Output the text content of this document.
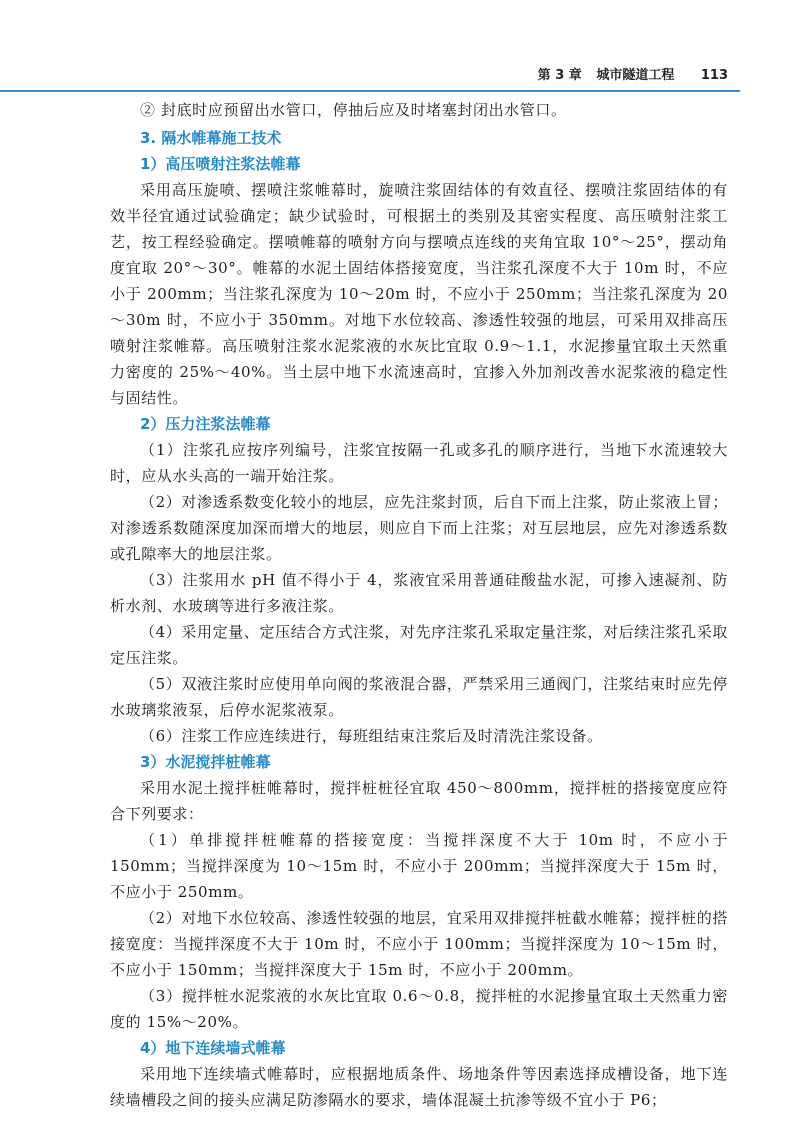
第 3 章 城市隧道工程 113

② 封底时应预留出水管口，停抽后应及时堵塞封闭出水管口。

3. 隔水帷幕施工技术
1）高压喷射注浆法帷幕

采用高压旋喷、摆喷注浆帷幕时，旋喷注浆固结体的有效直径、摆喷注浆固结体的有效半径宜通过试验确定；缺少试验时，可根据土的类别及其密实程度、高压喷射注浆工艺，按工程经验确定。摆喷帷幕的喷射方向与摆喷点连线的夹角宜取 10°～25°，摆动角度宜取 20°～30°。帷幕的水泥土固结体搭接宽度，当注浆孔深度不大于 10m 时，不应小于 200mm；当注浆孔深度为 10～20m 时，不应小于 250mm；当注浆孔深度为 20～30m 时，不应小于 350mm。对地下水位较高、渗透性较强的地层，可采用双排高压喷射注浆帷幕。高压喷射注浆水泥浆液的水灰比宜取 0.9～1.1，水泥掺量宜取土天然重力密度的 25%～40%。当土层中地下水流速高时，宜掺入外加剂改善水泥浆液的稳定性与固结性。

2）压力注浆法帷幕

（1）注浆孔应按序列编号，注浆宜按隔一孔或多孔的顺序进行，当地下水流速较大时，应从水头高的一端开始注浆。

（2）对渗透系数变化较小的地层，应先注浆封顶，后自下而上注浆，防止浆液上冒；对渗透系数随深度加深而增大的地层，则应自下而上注浆；对互层地层，应先对渗透系数或孔隙率大的地层注浆。

（3）注浆用水 pH 值不得小于 4，浆液宜采用普通硅酸盐水泥，可掺入速凝剂、防析水剂、水玻璃等进行多液注浆。

（4）采用定量、定压结合方式注浆，对先序注浆孔采取定量注浆，对后续注浆孔采取定压注浆。

（5）双液注浆时应使用单向阀的浆液混合器，严禁采用三通阀门，注浆结束时应先停水玻璃浆液泵，后停水泥浆液泵。

（6）注浆工作应连续进行，每班组结束注浆后及时清洗注浆设备。

3）水泥搅拌桩帷幕

采用水泥土搅拌桩帷幕时，搅拌桩桩径宜取 450～800mm，搅拌桩的搭接宽度应符合下列要求：

（1）单排搅拌桩帷幕的搭接宽度：当搅拌深度不大于 10m 时，不应小于 150mm；当搅拌深度为 10～15m 时，不应小于 200mm；当搅拌深度大于 15m 时，不应小于 250mm。

（2）对地下水位较高、渗透性较强的地层，宜采用双排搅拌桩截水帷幕；搅拌桩的搭接宽度：当搅拌深度不大于 10m 时，不应小于 100mm；当搅拌深度为 10～15m 时，不应小于 150mm；当搅拌深度大于 15m 时，不应小于 200mm。

（3）搅拌桩水泥浆液的水灰比宜取 0.6～0.8，搅拌桩的水泥掺量宜取土天然重力密度的 15%～20%。

4）地下连续墙式帷幕

采用地下连续墙式帷幕时，应根据地质条件、场地条件等因素选择成槽设备，地下连续墙槽段之间的接头应满足防渗隔水的要求，墙体混凝土抗渗等级不宜小于 P6；
